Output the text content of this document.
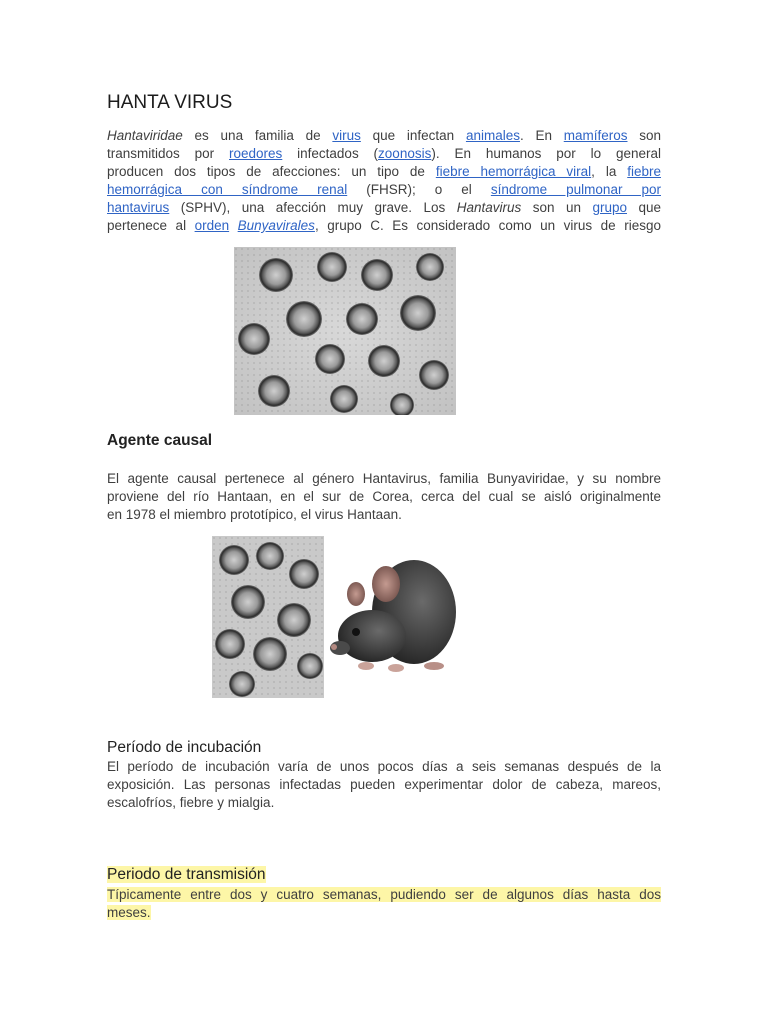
HANTA VIRUS
Hantaviridae es una familia de virus que infectan animales. En mamíferos son
transmitidos por roedores infectados (zoonosis). En humanos por lo general
producen dos tipos de afecciones: un tipo de fiebre hemorrágica viral, la fiebre
hemorrágica con síndrome renal (FHSR); o el síndrome pulmonar por
hantavirus (SPHV), una afección muy grave. Los Hantavirus son un grupo que
pertenece al orden Bunyavirales, grupo C. Es considerado como un virus de riesgo
Agente causal
El agente causal pertenece al género Hantavirus, familia Bunyaviridae, y su nombre
proviene del río Hantaan, en el sur de Corea, cerca del cual se aisló originalmente
en 1978 el miembro prototípico, el virus Hantaan.
Período de incubación
El período de incubación varía de unos pocos días a seis semanas después de la
exposición. Las personas infectadas pueden experimentar dolor de cabeza, mareos,
escalofríos, fiebre y mialgia.
Periodo de transmisión
Típicamente entre dos y cuatro semanas, pudiendo ser de algunos días hasta dos
meses.
